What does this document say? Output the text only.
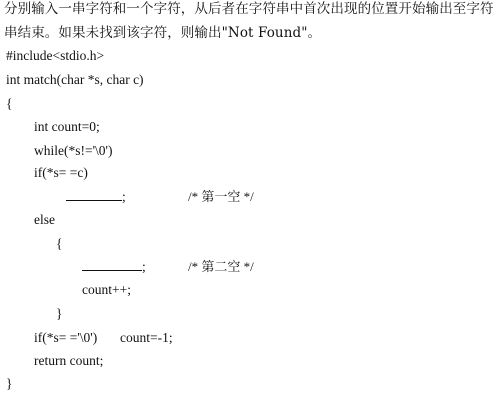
分别输入一串字符和一个字符，从后者在字符串中首次出现的位置开始输出至字符
串结束。如果未找到该字符，则输出"Not Found"。
#include<stdio.h>
int match(char *s, char c)
{
int count=0;
while(*s!='\0')
if(*s= =c)
;	/* 第一空 */
else
{
;	/* 第二空 */
count++;
}
if(*s= ='\0') count=-1;
return count;
}
